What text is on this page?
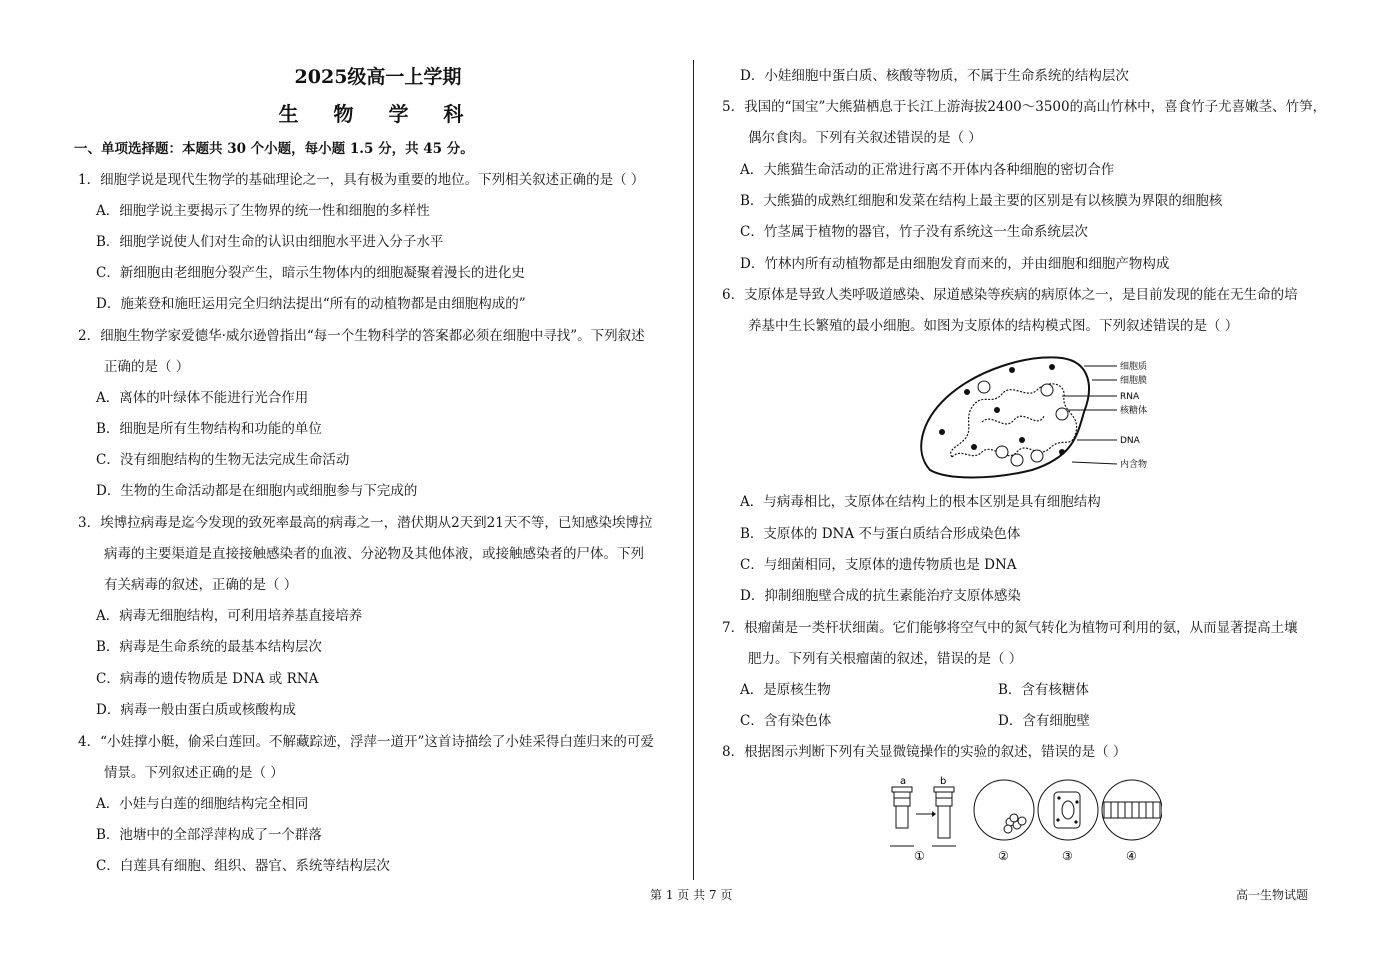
2025级高一上学期
生 物 学 科
一、单项选择题：本题共 30 个小题，每小题 1.5 分，共 45 分。
1．细胞学说是现代生物学的基础理论之一，具有极为重要的地位。下列相关叙述正确的是（ ）
A．细胞学说主要揭示了生物界的统一性和细胞的多样性
B．细胞学说使人们对生命的认识由细胞水平进入分子水平
C．新细胞由老细胞分裂产生，暗示生物体内的细胞凝聚着漫长的进化史
D．施莱登和施旺运用完全归纳法提出“所有的动植物都是由细胞构成的”
2．细胞生物学家爱德华·威尔逊曾指出“每一个生物科学的答案都必须在细胞中寻找”。下列叙述
正确的是（ ）
A．离体的叶绿体不能进行光合作用
B．细胞是所有生物结构和功能的单位
C．没有细胞结构的生物无法完成生命活动
D．生物的生命活动都是在细胞内或细胞参与下完成的
3．埃博拉病毒是迄今发现的致死率最高的病毒之一，潜伏期从2天到21天不等，已知感染埃博拉
病毒的主要渠道是直接接触感染者的血液、分泌物及其他体液，或接触感染者的尸体。下列
有关病毒的叙述，正确的是（ ）
A．病毒无细胞结构，可利用培养基直接培养
B．病毒是生命系统的最基本结构层次
C．病毒的遗传物质是 DNA 或 RNA
D．病毒一般由蛋白质或核酸构成
4．“小娃撑小艇，偷采白莲回。不解藏踪迹，浮萍一道开”这首诗描绘了小娃采得白莲归来的可爱
情景。下列叙述正确的是（ ）
A．小娃与白莲的细胞结构完全相同
B．池塘中的全部浮萍构成了一个群落
C．白莲具有细胞、组织、器官、系统等结构层次
D．小娃细胞中蛋白质、核酸等物质，不属于生命系统的结构层次
5．我国的“国宝”大熊猫栖息于长江上游海拔2400～3500的高山竹林中，喜食竹子尤喜嫩茎、竹笋，
偶尔食肉。下列有关叙述错误的是（ ）
A．大熊猫生命活动的正常进行离不开体内各种细胞的密切合作
B．大熊猫的成熟红细胞和发菜在结构上最主要的区别是有以核膜为界限的细胞核
C．竹茎属于植物的器官，竹子没有系统这一生命系统层次
D．竹林内所有动植物都是由细胞发育而来的，并由细胞和细胞产物构成
6．支原体是导致人类呼吸道感染、尿道感染等疾病的病原体之一，是目前发现的能在无生命的培
养基中生长繁殖的最小细胞。如图为支原体的结构模式图。下列叙述错误的是（ ）
细胞质
细胞膜
RNA
核糖体
DNA
内含物
A．与病毒相比，支原体在结构上的根本区别是具有细胞结构
B．支原体的 DNA 不与蛋白质结合形成染色体
C．与细菌相同，支原体的遗传物质也是 DNA
D．抑制细胞壁合成的抗生素能治疗支原体感染
7．根瘤菌是一类杆状细菌。它们能够将空气中的氮气转化为植物可利用的氨，从而显著提高土壤
肥力。下列有关根瘤菌的叙述，错误的是（ ）
A．是原核生物	B．含有核糖体
C．含有染色体	D．含有细胞壁
8．根据图示判断下列有关显微镜操作的实验的叙述，错误的是（ ）
a	b
①	②	③	④
第 1 页 共 7 页	高一生物试题
